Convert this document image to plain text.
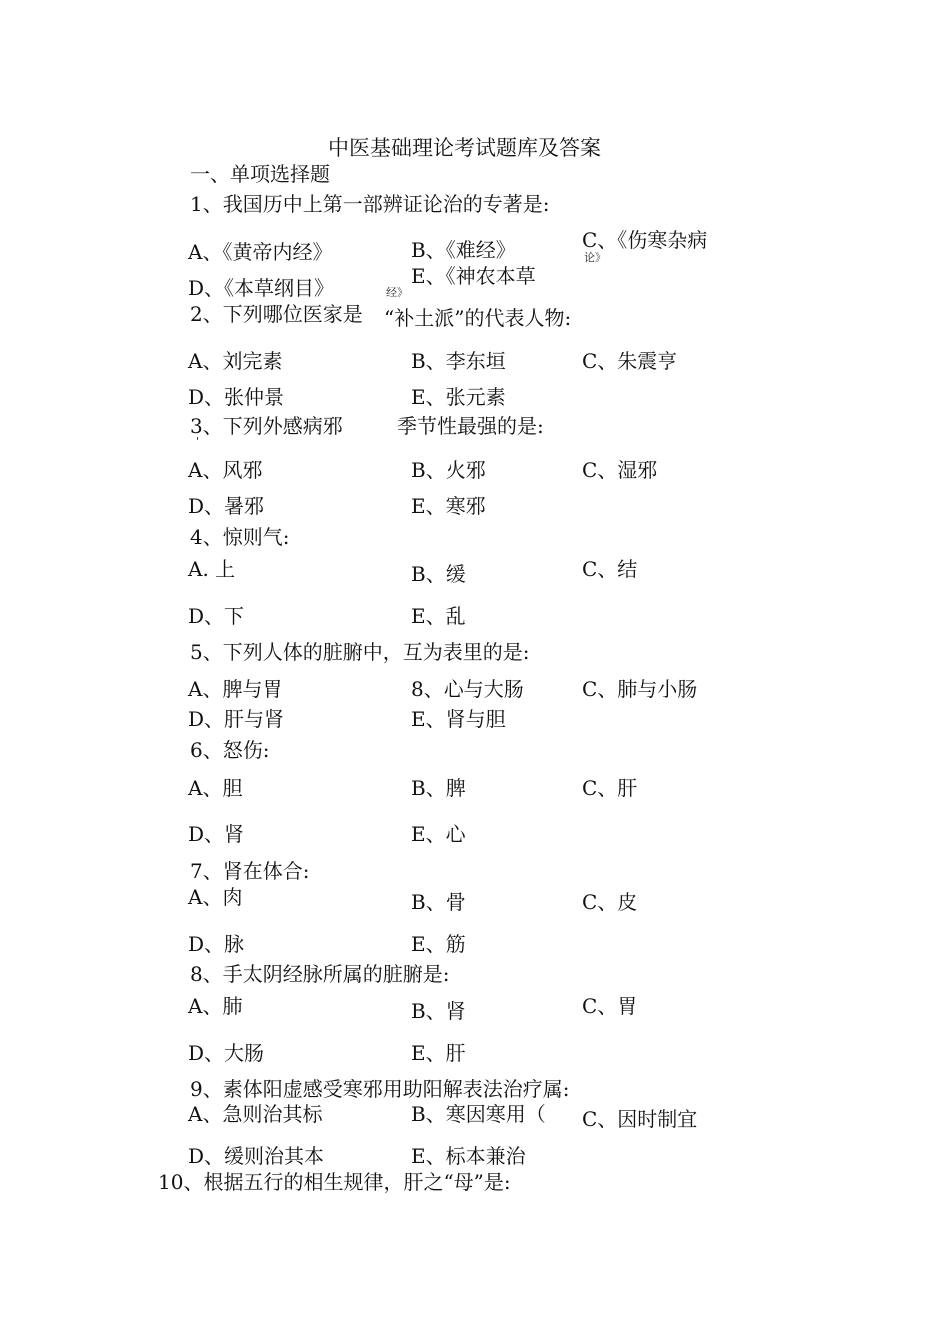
中医基础理论考试题库及答案
一、单项选择题
1、我国历中上第一部辨证论治的专著是:
A、《黄帝内经》	B、《难经》	C、《伤寒杂病
论》
D、《本草纲目》	E、《神农本草
经》
2、下列哪位医家是 “补土派”的代表人物:
A、刘完素	B、李东垣	C、朱震亨
D、张仲景	E、张元素
3、下列外感病邪	季节性最强的是:
'
A、风邪	B、火邪	C、湿邪
D、暑邪	E、寒邪
4、惊则气:
A. 上	B、缓	C、结
D、下	E、乱
5、下列人体的脏腑中，互为表里的是:
A、脾与胃	8、心与大肠	C、肺与小肠
D、肝与肾	E、肾与胆
6、怒伤:
A、胆	B、脾	C、肝
D、肾	E、心
7、肾在体合:
A、肉	B、骨	C、皮
D、脉	E、筋
8、手太阴经脉所属的脏腑是:
A、肺	B、肾	C、胃
D、大肠	E、肝
9、素体阳虚感受寒邪用助阳解表法治疗属:
A、急则治其标	B、寒因寒用（ C、因时制宜
D、缓则治其本	E、标本兼治
10、根据五行的相生规律，肝之“母”是:
